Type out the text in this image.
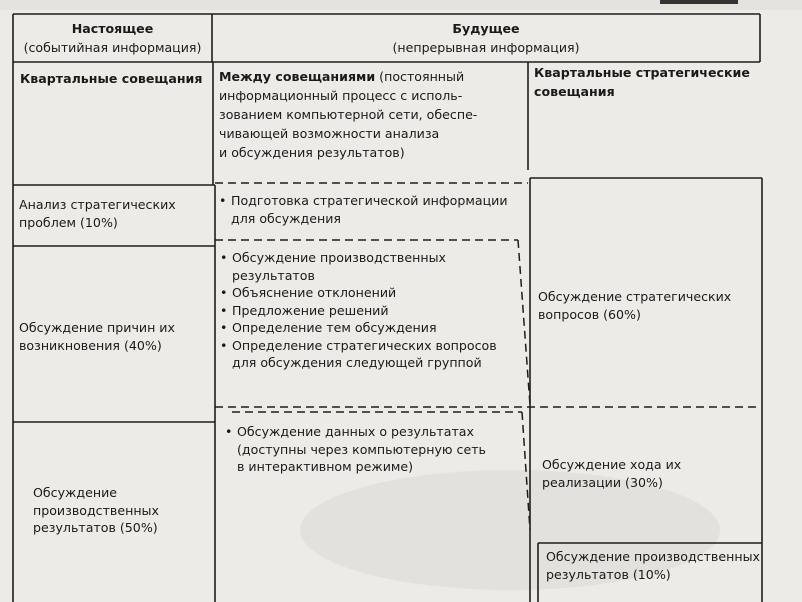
Настоящее
(событийная информация)
Будущее
(непрерывная информация)
Квартальные совещания Между совещаниями (постоянный
информационный процесс с исполь-
зованием компьютерной сети, обеспе-
чивающей возможности анализа
и обсуждения результатов)
Квартальные стратегические
совещания
Анализ стратегических
проблем (10%)
Обсуждение причин их
возникновения (40%)
Обсуждение
производственных
результатов (50%)
• Подготовка стратегической информации
для обсуждения
• Обсуждение производственных
результатов
• Объяснение отклонений
• Предложение решений
• Определение тем обсуждения
• Определение стратегических вопросов
для обсуждения следующей группой
• Обсуждение данных о результатах
(доступны через компьютерную сеть
в интерактивном режиме)
Обсуждение стратегических
вопросов (60%)
Обсуждение хода их
реализации (30%)
Обсуждение производственных
результатов (10%)
